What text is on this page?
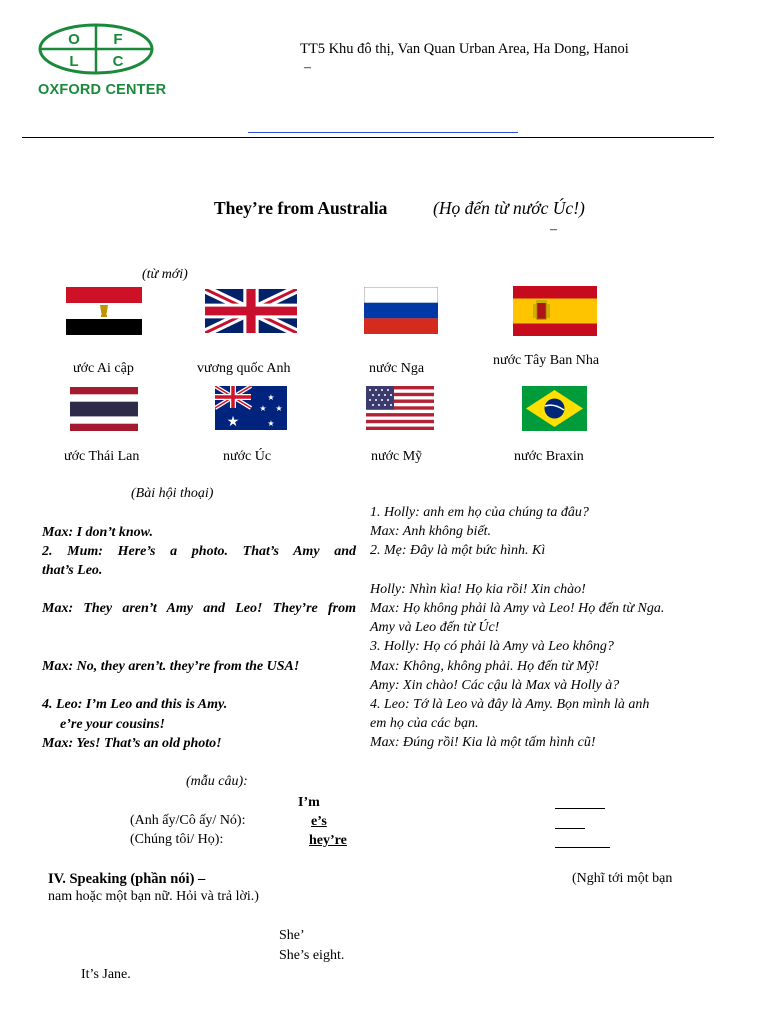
O F
L C
OXFORD CENTER
TT5 Khu đô thị, Van Quan Urban Area, Ha Dong, Hanoi
–
They’re from Australia	(Họ đến từ nước Úc!)
–
(từ mới)
ước Ai cập	vương quốc Anh	nước Nga
nước Tây Ban Nha
★
★
★ ★
★
ước Thái Lan	nước Úc	nước Mỹ	nước Braxin
(Bài hội thoại)
Max: I don’t know.
2. Mum: Here’s a photo. That’s Amy and
that’s Leo.
Max: They aren’t Amy and Leo! They’re from
Max: No, they aren’t. they’re from the USA!
4. Leo: I’m Leo and this is Amy.
e’re your cousins!
Max: Yes! That’s an old photo!
1. Holly: anh em họ của chúng ta đâu?
Max: Anh không biết.
2. Mẹ: Đây là một bức hình. Kì
Holly: Nhìn kìa! Họ kia rồi! Xin chào!
Max: Họ không phải là Amy và Leo! Họ đến từ Nga.
Amy và Leo đến từ Úc!
3. Holly: Họ có phải là Amy và Leo không?
Max: Không, không phải. Họ đến từ Mỹ!
Amy: Xin chào! Các cậu là Max và Holly à?
4. Leo: Tớ là Leo và đây là Amy. Bọn mình là anh
em họ của các bạn.
Max: Đúng rồi! Kia là một tấm hình cũ!
(mẫu câu):
I’m
(Anh ấy/Cô ấy/ Nó):	e’s
(Chúng tôi/ Họ):	hey’re
IV. Speaking (phần nói) –	(Nghĩ tới một bạn
nam hoặc một bạn nữ. Hỏi và trả lời.)
She’
She’s eight.
It’s Jane.
